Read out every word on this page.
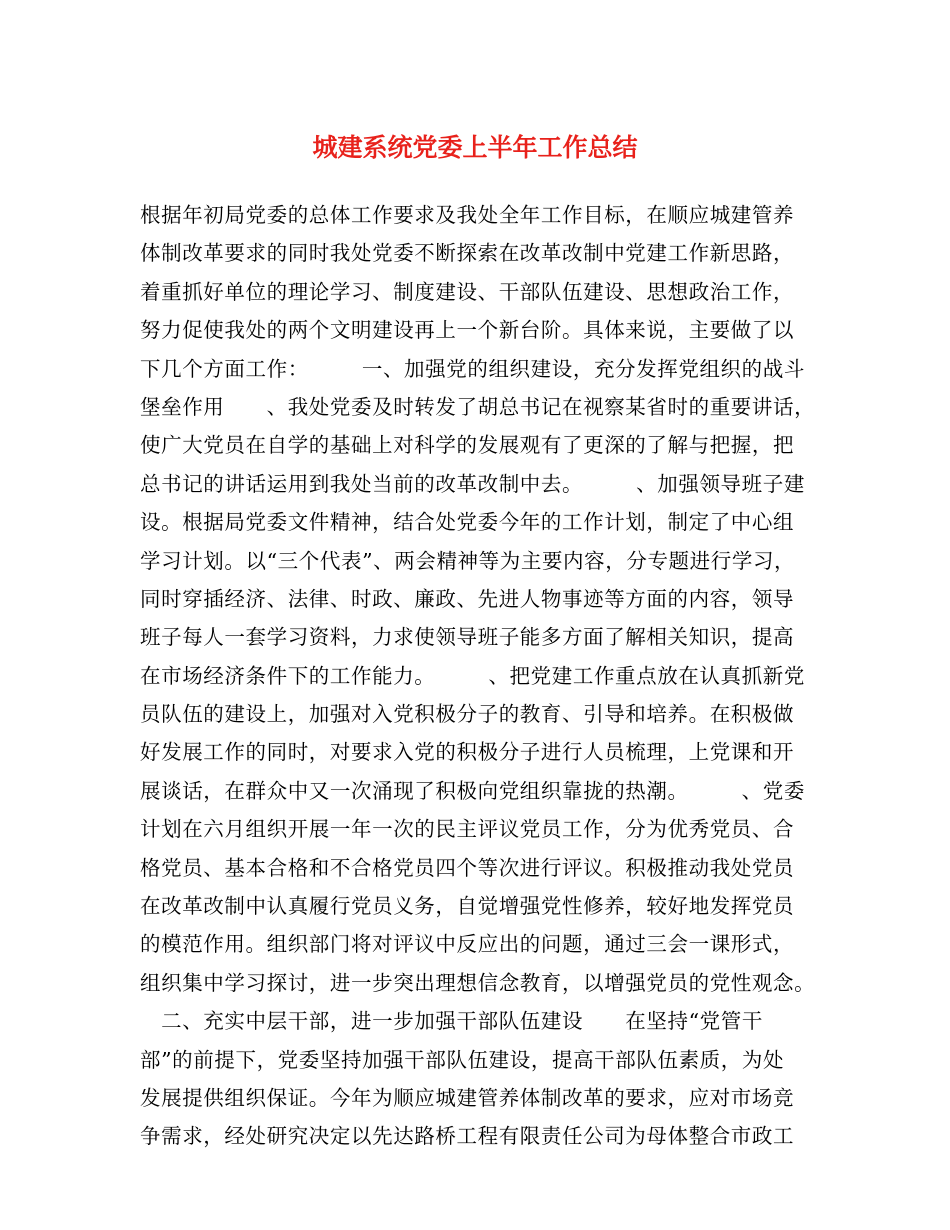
城建系统党委上半年工作总结
根据年初局党委的总体工作要求及我处全年工作目标，在顺应城建管养
体制改革要求的同时我处党委不断探索在改革改制中党建工作新思路，
着重抓好单位的理论学习、制度建设、干部队伍建设、思想政治工作，
努力促使我处的两个文明建设再上一个新台阶。具体来说，主要做了以
下几个方面工作：　　　一、加强党的组织建设，充分发挥党组织的战斗
堡垒作用　　、我处党委及时转发了胡总书记在视察某省时的重要讲话，
使广大党员在自学的基础上对科学的发展观有了更深的了解与把握，把
总书记的讲话运用到我处当前的改革改制中去。　　　、加强领导班子建
设。根据局党委文件精神，结合处党委今年的工作计划，制定了中心组
学习计划。以“三个代表”、两会精神等为主要内容，分专题进行学习，
同时穿插经济、法律、时政、廉政、先进人物事迹等方面的内容，领导
班子每人一套学习资料，力求使领导班子能多方面了解相关知识，提高
在市场经济条件下的工作能力。　　　、把党建工作重点放在认真抓新党
员队伍的建设上，加强对入党积极分子的教育、引导和培养。在积极做
好发展工作的同时，对要求入党的积极分子进行人员梳理，上党课和开
展谈话，在群众中又一次涌现了积极向党组织靠拢的热潮。　　　、党委
计划在六月组织开展一年一次的民主评议党员工作，分为优秀党员、合
格党员、基本合格和不合格党员四个等次进行评议。积极推动我处党员
在改革改制中认真履行党员义务，自觉增强党性修养，较好地发挥党员
的模范作用。组织部门将对评议中反应出的问题，通过三会一课形式，
组织集中学习探讨，进一步突出理想信念教育，以增强党员的党性观念。
　二、充实中层干部，进一步加强干部队伍建设　　在坚持“党管干
部”的前提下，党委坚持加强干部队伍建设，提高干部队伍素质，为处
发展提供组织保证。今年为顺应城建管养体制改革的要求，应对市场竞
争需求，经处研究决定以先达路桥工程有限责任公司为母体整合市政工
